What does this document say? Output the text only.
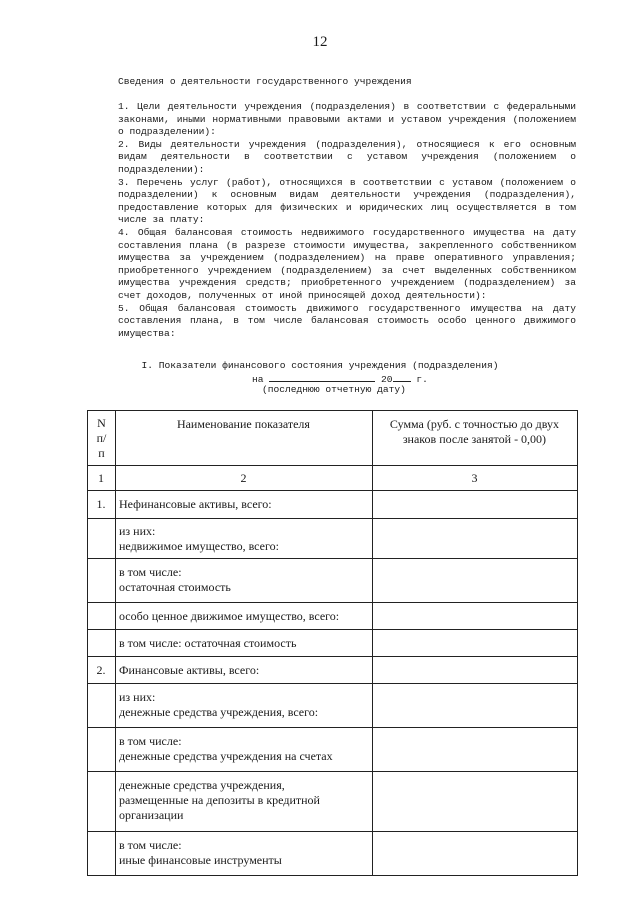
12
Сведения о деятельности государственного учреждения

1. Цели деятельности учреждения (подразделения) в соответствии с федеральными законами, иными нормативными правовыми актами и уставом учреждения (положением о подразделении):

2. Виды деятельности учреждения (подразделения), относящиеся к его основным видам деятельности в соответствии с уставом учреждения (положением о подразделении):

3. Перечень услуг (работ), относящихся в соответствии с уставом (положением о подразделении) к основным видам деятельности учреждения (подразделения), предоставление которых для физических и юридических лиц осуществляется в том числе за плату:

4. Общая балансовая стоимость недвижимого государственного имущества на дату составления плана (в разрезе стоимости имущества, закрепленного собственником имущества за учреждением (подразделением) на праве оперативного управления; приобретенного учреждением (подразделением) за счет выделенных собственником имущества учреждения средств; приобретенного учреждением (подразделением) за счет доходов, полученных от иной приносящей доход деятельности):

5. Общая балансовая стоимость движимого государственного имущества на дату составления плана, в том числе балансовая стоимость особо ценного движимого имущества:

I. Показатели финансового состояния учреждения (подразделения)
на	20 г.
(последнюю отчетную дату)
N п/п	Наименование показателя	Сумма (руб. с точностью до двух знаков после занятой - 0,00)

1	2	3

1.	Нефинансовые активы, всего:	

	из них:
недвижимое имущество, всего:	

	в том числе:
остаточная стоимость	

	особо ценное движимое имущество, всего:	

	в том числе: остаточная стоимость	

2.	Финансовые активы, всего:	

	из них:
денежные средства учреждения, всего:	

	в том числе:
денежные средства учреждения на счетах	

	денежные средства учреждения,
размещенные на депозиты в кредитной
организации	

	в том числе:
иные финансовые инструменты	
